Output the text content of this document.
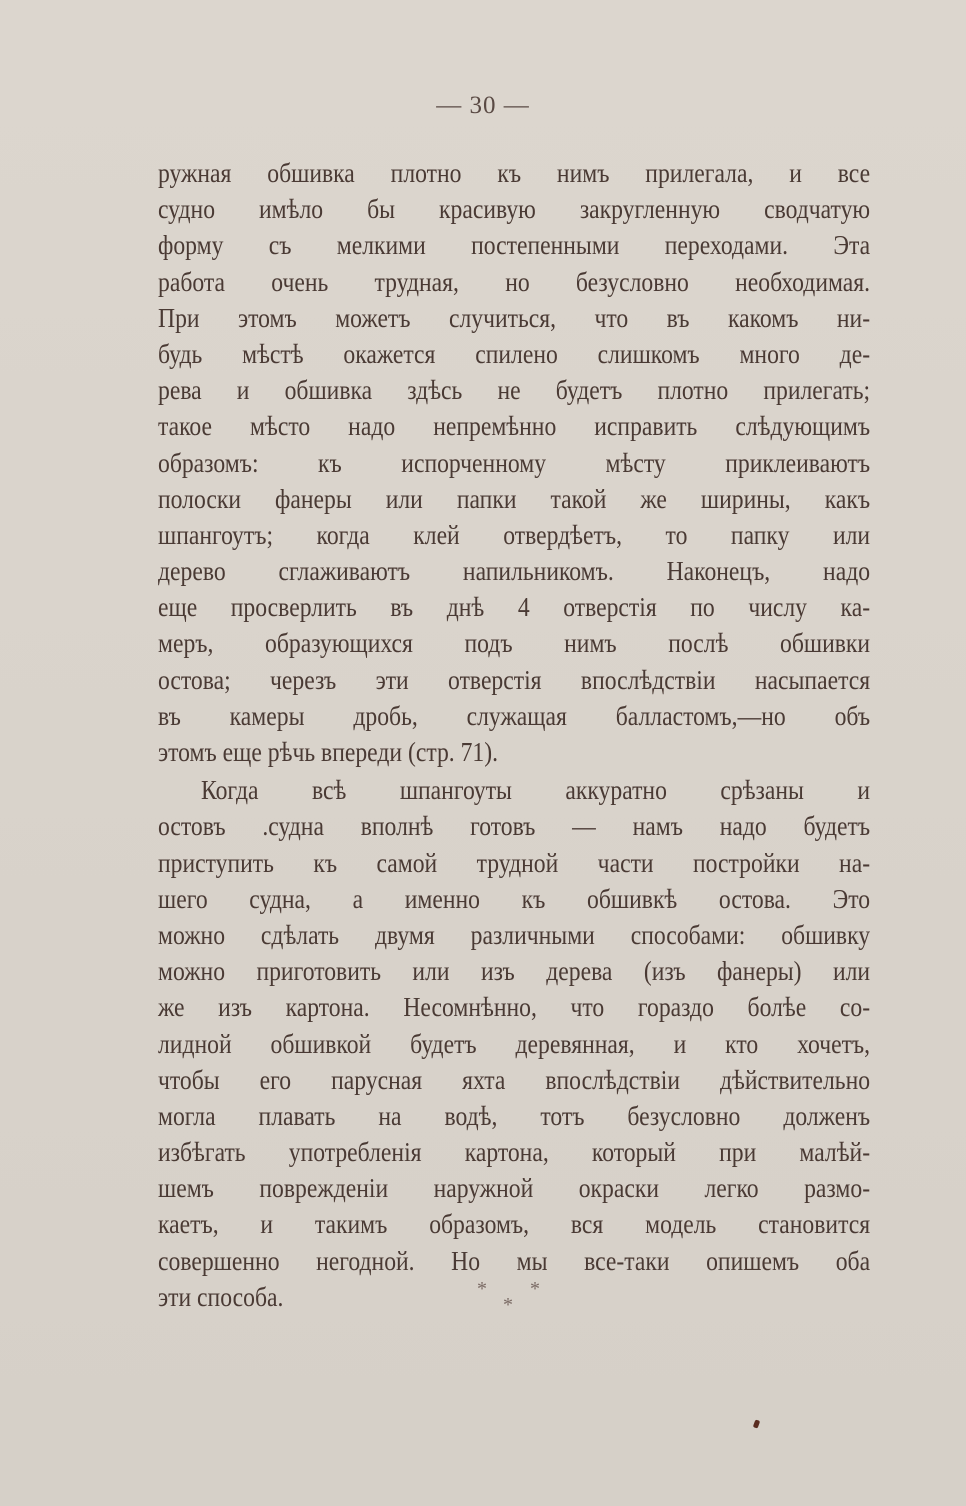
— 30 —
ружная обшивка плотно къ нимъ прилегала, и все
судно имѣло бы красивую закругленную сводчатую
форму съ мелкими постепенными переходами. Эта
работа очень трудная, но безусловно необходимая.
При этомъ можетъ случиться, что въ какомъ ни-
будь мѣстѣ окажется спилено слишкомъ много де-
рева и обшивка здѣсь не будетъ плотно прилегать;
такое мѣсто надо непремѣнно исправить слѣдующимъ
образомъ: къ испорченному мѣсту приклеиваютъ
полоски фанеры или папки такой же ширины, какъ
шпангоутъ; когда клей отвердѣетъ, то папку или
дерево сглаживаютъ напильникомъ. Наконецъ, надо
еще просверлить въ днѣ 4 отверстія по числу ка-
меръ, образующихся подъ нимъ послѣ обшивки
остова; черезъ эти отверстія впослѣдствіи насыпается
въ камеры дробь, служащая балластомъ,—но объ
этомъ еще рѣчь впереди (стр. 71).
Когда всѣ шпангоуты аккуратно срѣзаны и
остовъ .судна вполнѣ готовъ — намъ надо будетъ
приступить къ самой трудной части постройки на-
шего судна, а именно къ обшивкѣ остова. Это
можно сдѣлать двумя различными способами: обшивку
можно приготовить или изъ дерева (изъ фанеры) или
же изъ картона. Несомнѣнно, что гораздо болѣе со-
лидной обшивкой будетъ деревянная, и кто хочетъ,
чтобы его парусная яхта впослѣдствіи дѣйствительно
могла плавать на водѣ, тотъ безусловно долженъ
избѣгать употребленія картона, который при малѣй-
шемъ поврежденіи наружной окраски легко размо-
каетъ, и такимъ образомъ, вся модель становится
совершенно негодной. Но мы все-таки опишемъ оба
эти способа.	* *
*
